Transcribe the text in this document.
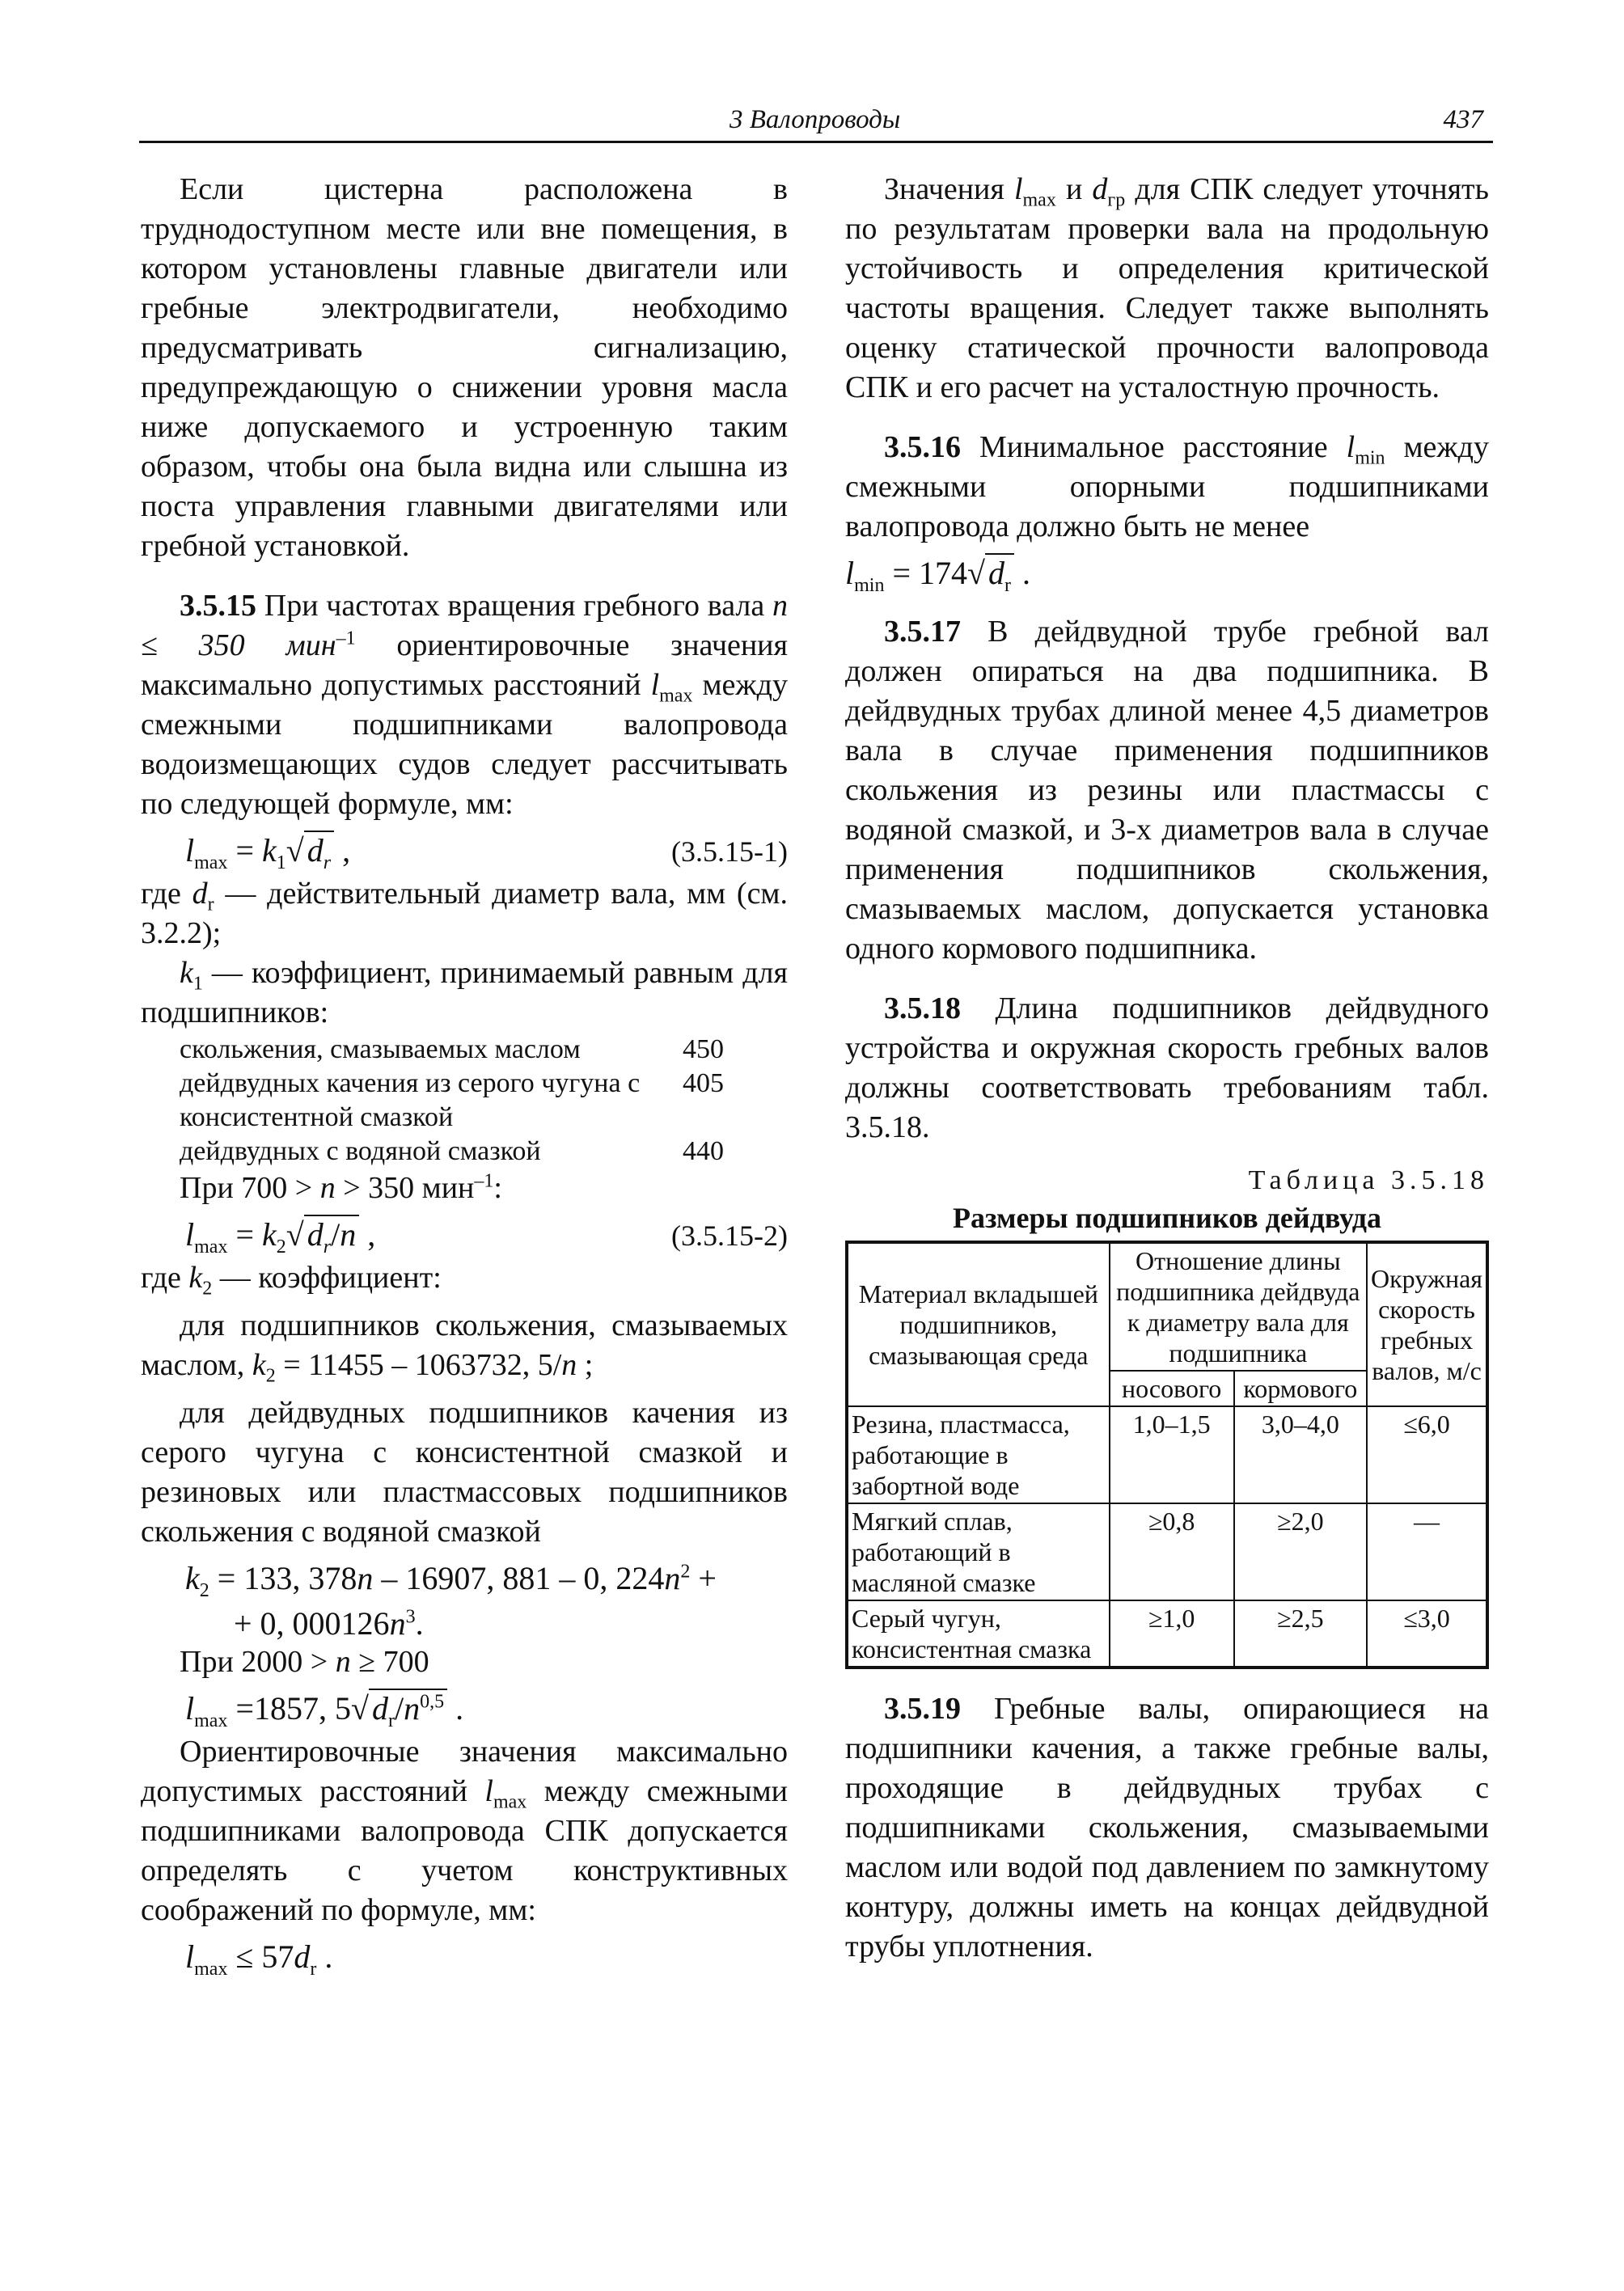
3 Валопроводы	437

Если цистерна расположена в труднодоступном месте или вне помещения, в котором установлены главные двигатели или гребные электродвигатели, необходимо предусматривать сигнализацию, предупреждающую о снижении уровня масла ниже допускаемого и устроенную таким образом, чтобы она была видна или слышна из поста управления главными двигателями или гребной установкой.

3.5.15 При частотах вращения гребного вала n ≤ 350 мин$^{-1}$ ориентировочные значения максимально допустимых расстояний $l_{max}$ между смежными подшипниками валопровода водоизмещающих судов следует рассчитывать по следующей формуле, мм:

$l_{max} = k_1√$ $d_r$ ,	(3.5.15-1)

где $d_r$ — действительный диаметр вала, мм (см. 3.2.2);

$k_1$ — коэффициент, принимаемый равным для подшипников:

скольжения, смазываемых маслом	450
дейдвудных качения из серого чугуна с консистентной смазкой
405
дейдвудных с водяной смазкой	440

При 700 > n > 350 мин$^{-1}$:

$l_{max} = k_2√$ $d_r/n$ ,	(3.5.15-2)

где $k_2$ — коэффициент:

для подшипников скольжения, смазываемых маслом, $k_2 = 11455 - 1063732$, 5/n ;

для дейдвудных подшипников качения из серого чугуна с консистентной смазкой и резиновых или пластмассовых подшипников скольжения с водяной смазкой

$k_2 = 133$, 378n – 16907, 881 – 0, $224n^2$ +
+ 0, $000126n^3$.

При 2000 > n ≥ 700

$l_{max} =1857$, 5√ $d_r/n^{0,5}$ .

Ориентировочные значения максимально допустимых расстояний $l_{max}$ между смежными подшипниками валопровода СПК допускается определять с учетом конструктивных соображений по формуле, мм:

$l_{max} \le 57d_r$ .

Значения $l_{max}$ и $d_{гр}$ для СПК следует уточнять по результатам проверки вала на продольную устойчивость и определения критической частоты вращения. Следует также выполнять оценку статической прочности валопровода СПК и его расчет на усталостную прочность.

3.5.16 Минимальное расстояние $l_{min}$ между смежными опорными подшипниками валопровода должно быть не менее

$l_{min} = 174√$ $d_r$ .

3.5.17 В дейдвудной трубе гребной вал должен опираться на два подшипника. В дейдвудных трубах длиной менее 4,5 диаметров вала в случае применения подшипников скольжения из резины или пластмассы с водяной смазкой, и 3-х диаметров вала в случае применения подшипников скольжения, смазываемых маслом, допускается установка одного кормового подшипника.

3.5.18 Длина подшипников дейдвудного устройства и окружная скорость гребных валов должны соответствовать требованиям табл. 3.5.18.

Таблица 3.5.18
Размеры подшипников дейдвуда
Материал вкладышей подшипников, смазывающая среда	Отношение длины подшипника дейдвуда к диаметру вала для подшипника		Окружная скорость гребных валов, м/с
	носового	кормового	
Резина, пластмасса, работающие в забортной воде	1,0–1,5	3,0–4,0	≤6,0
Мягкий сплав, работающий в масляной смазке	≥0,8	≥2,0	—
Серый чугун, консистентная смазка	≥1,0	≥2,5	≤3,0

3.5.19 Гребные валы, опирающиеся на подшипники качения, а также гребные валы, проходящие в дейдвудных трубах с подшипниками скольжения, смазываемыми маслом или водой под давлением по замкнутому контуру, должны иметь на концах дейдвудной трубы уплотнения.
